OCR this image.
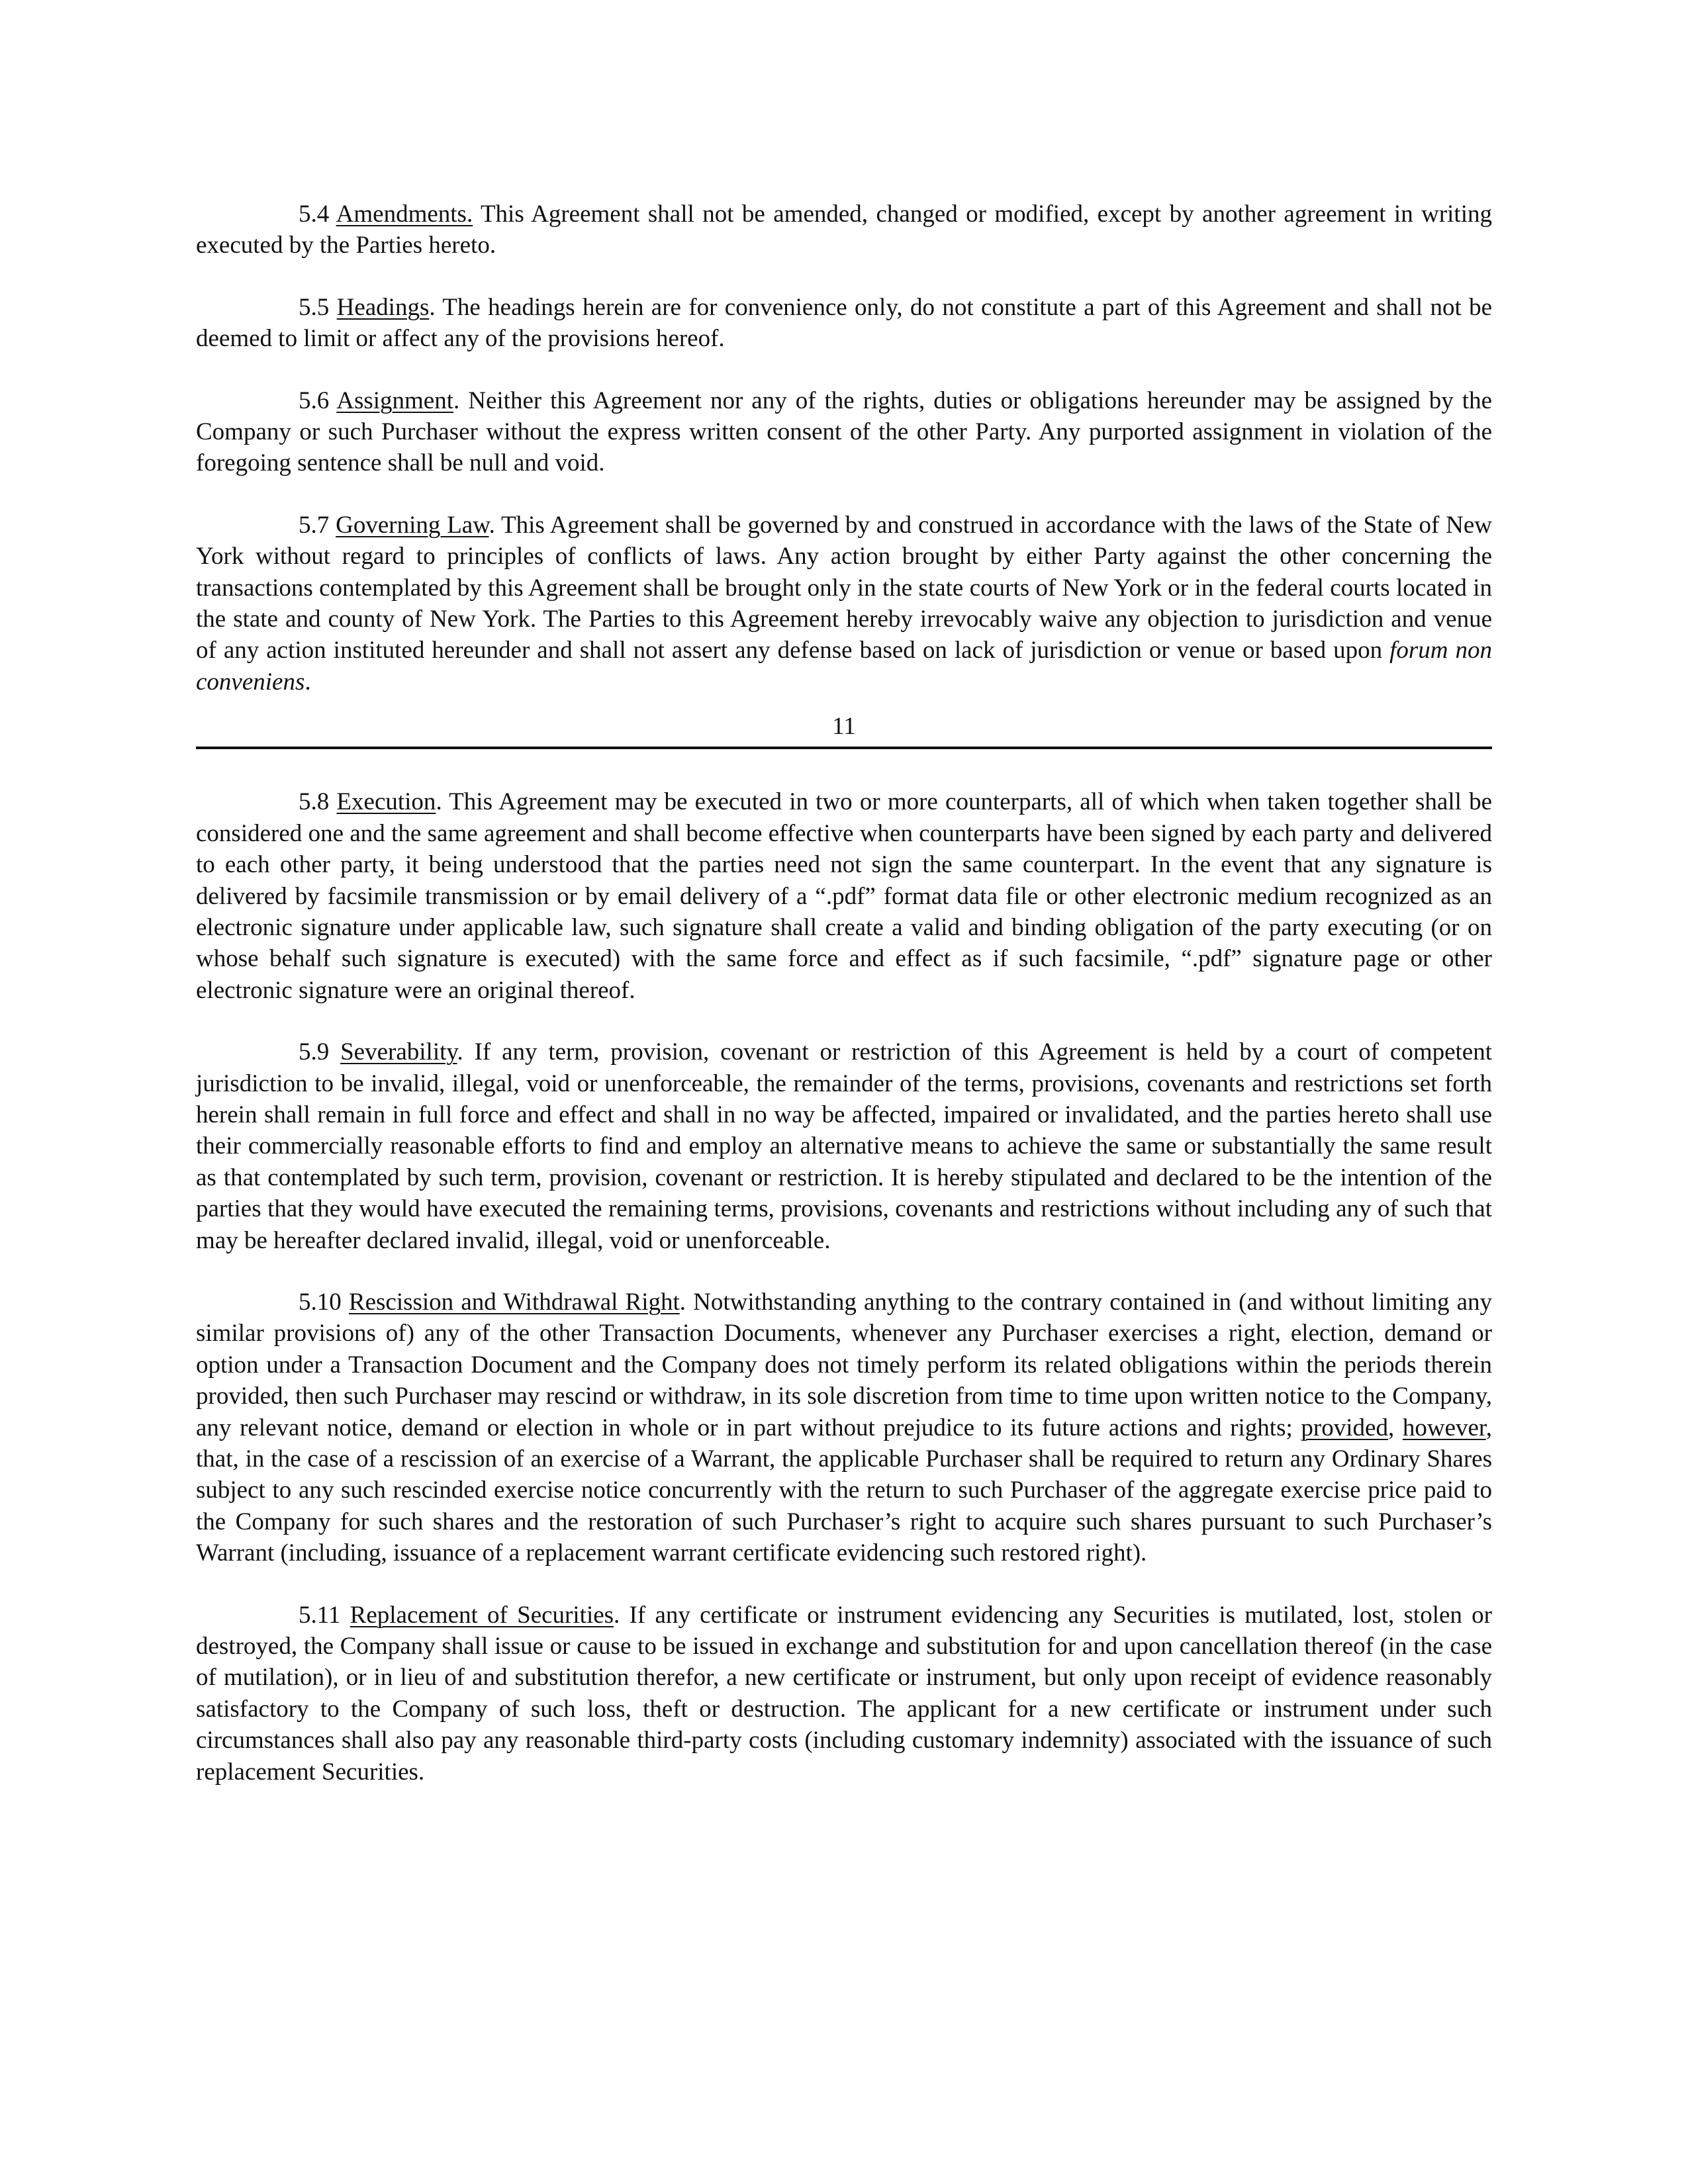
5.4 Amendments. This Agreement shall not be amended, changed or modified, except by another agreement in writing executed by the Parties hereto.

5.5 Headings. The headings herein are for convenience only, do not constitute a part of this Agreement and shall not be deemed to limit or affect any of the provisions hereof.

5.6 Assignment. Neither this Agreement nor any of the rights, duties or obligations hereunder may be assigned by the Company or such Purchaser without the express written consent of the other Party. Any purported assignment in violation of the foregoing sentence shall be null and void.

5.7 Governing Law. This Agreement shall be governed by and construed in accordance with the laws of the State of New York without regard to principles of conflicts of laws. Any action brought by either Party against the other concerning the transactions contemplated by this Agreement shall be brought only in the state courts of New York or in the federal courts located in the state and county of New York. The Parties to this Agreement hereby irrevocably waive any objection to jurisdiction and venue of any action instituted hereunder and shall not assert any defense based on lack of jurisdiction or venue or based upon forum non conveniens.

11

5.8 Execution. This Agreement may be executed in two or more counterparts, all of which when taken together shall be considered one and the same agreement and shall become effective when counterparts have been signed by each party and delivered to each other party, it being understood that the parties need not sign the same counterpart. In the event that any signature is delivered by facsimile transmission or by email delivery of a “.pdf” format data file or other electronic medium recognized as an electronic signature under applicable law, such signature shall create a valid and binding obligation of the party executing (or on whose behalf such signature is executed) with the same force and effect as if such facsimile, “.pdf” signature page or other electronic signature were an original thereof.

5.9 Severability. If any term, provision, covenant or restriction of this Agreement is held by a court of competent jurisdiction to be invalid, illegal, void or unenforceable, the remainder of the terms, provisions, covenants and restrictions set forth herein shall remain in full force and effect and shall in no way be affected, impaired or invalidated, and the parties hereto shall use their commercially reasonable efforts to find and employ an alternative means to achieve the same or substantially the same result as that contemplated by such term, provision, covenant or restriction. It is hereby stipulated and declared to be the intention of the parties that they would have executed the remaining terms, provisions, covenants and restrictions without including any of such that may be hereafter declared invalid, illegal, void or unenforceable.

5.10 Rescission and Withdrawal Right. Notwithstanding anything to the contrary contained in (and without limiting any similar provisions of) any of the other Transaction Documents, whenever any Purchaser exercises a right, election, demand or option under a Transaction Document and the Company does not timely perform its related obligations within the periods therein provided, then such Purchaser may rescind or withdraw, in its sole discretion from time to time upon written notice to the Company, any relevant notice, demand or election in whole or in part without prejudice to its future actions and rights; provided, however, that, in the case of a rescission of an exercise of a Warrant, the applicable Purchaser shall be required to return any Ordinary Shares subject to any such rescinded exercise notice concurrently with the return to such Purchaser of the aggregate exercise price paid to the Company for such shares and the restoration of such Purchaser’s right to acquire such shares pursuant to such Purchaser’s Warrant (including, issuance of a replacement warrant certificate evidencing such restored right).

5.11 Replacement of Securities. If any certificate or instrument evidencing any Securities is mutilated, lost, stolen or destroyed, the Company shall issue or cause to be issued in exchange and substitution for and upon cancellation thereof (in the case of mutilation), or in lieu of and substitution therefor, a new certificate or instrument, but only upon receipt of evidence reasonably satisfactory to the Company of such loss, theft or destruction. The applicant for a new certificate or instrument under such circumstances shall also pay any reasonable third-party costs (including customary indemnity) associated with the issuance of such replacement Securities.
